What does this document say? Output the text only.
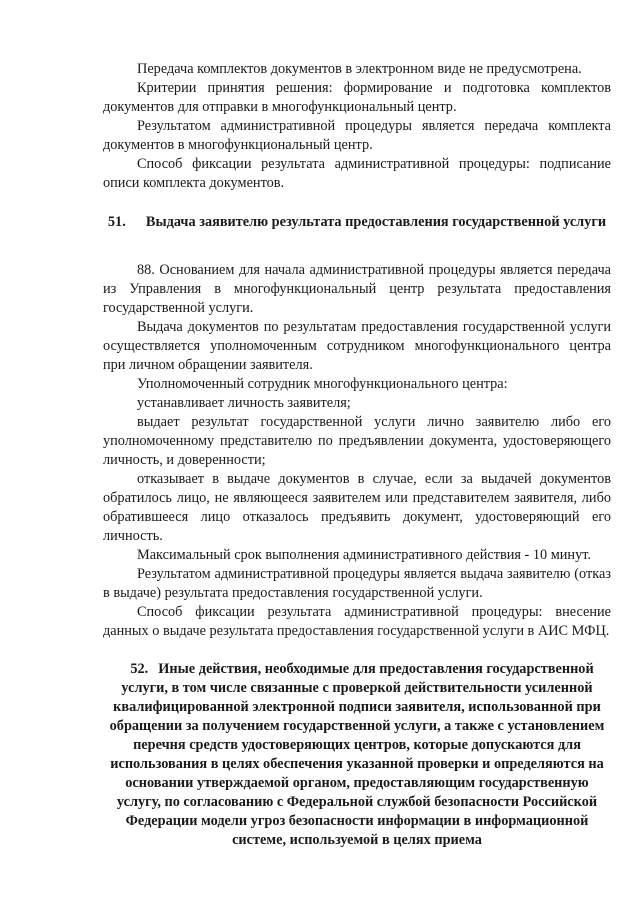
Передача комплектов документов в электронном виде не предусмотрена.

Критерии принятия решения: формирование и подготовка комплектов документов для отправки в многофункциональный центр.

Результатом административной процедуры является передача комплекта документов в многофункциональный центр.

Способ фиксации результата административной процедуры: подписание описи комплекта документов.

51. Выдача заявителю результата предоставления государственной услуги

88. Основанием для начала административной процедуры является передача из Управления в многофункциональный центр результата предоставления государственной услуги.

Выдача документов по результатам предоставления государственной услуги осуществляется уполномоченным сотрудником многофункционального центра при личном обращении заявителя.

Уполномоченный сотрудник многофункционального центра:

устанавливает личность заявителя;

выдает результат государственной услуги лично заявителю либо его уполномоченному представителю по предъявлении документа, удостоверяющего личность, и доверенности;

отказывает в выдаче документов в случае, если за выдачей документов обратилось лицо, не являющееся заявителем или представителем заявителя, либо обратившееся лицо отказалось предъявить документ, удостоверяющий его личность.

Максимальный срок выполнения административного действия - 10 минут.

Результатом административной процедуры является выдача заявителю (отказ в выдаче) результата предоставления государственной услуги.

Способ фиксации результата административной процедуры: внесение данных о выдаче результата предоставления государственной услуги в АИС МФЦ.

52. Иные действия, необходимые для предоставления государственной услуги, в том числе связанные с проверкой действительности усиленной квалифицированной электронной подписи заявителя, использованной при обращении за получением государственной услуги, а также с установлением перечня средств удостоверяющих центров, которые допускаются для использования в целях обеспечения указанной проверки и определяются на основании утверждаемой органом, предоставляющим государственную услугу, по согласованию с Федеральной службой безопасности Российской Федерации модели угроз безопасности информации в информационной системе, используемой в целях приема
